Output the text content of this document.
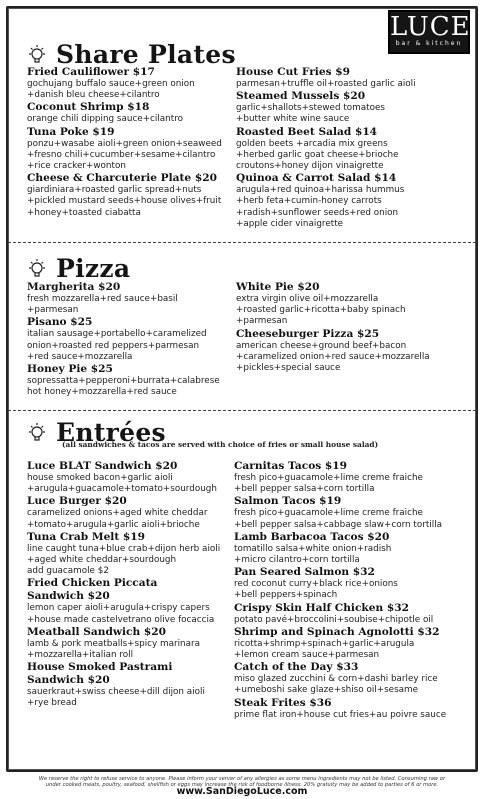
LUCE
bar & kitchen
Share Plates
Fried Cauliflower $17
gochujang buffalo sauce+green onion
+danish bleu cheese+cilantro
Coconut Shrimp $18
orange chili dipping sauce+cilantro
Tuna Poke $19
ponzu+wasabe aioli+green onion+seaweed
+fresno chili+cucumber+sesame+cilantro
+rice cracker+wonton
Cheese & Charcuterie Plate $20
giardiniara+roasted garlic spread+nuts
+pickled mustard seeds+house olives+fruit
+honey+toasted ciabatta
House Cut Fries $9
parmesan+truffle oil+roasted garlic aioli
Steamed Mussels $20
garlic+shallots+stewed tomatoes
+butter white wine sauce
Roasted Beet Salad $14
golden beets +arcadia mix greens
+herbed garlic goat cheese+brioche
croutons+honey dijon vinaigrette
Quinoa & Carrot Salad $14
arugula+red quinoa+harissa hummus
+herb feta+cumin-honey carrots
+radish+sunflower seeds+red onion
+apple cider vinaigrette
Pizza
Margherita $20
fresh mozzarella+red sauce+basil
+parmesan
Pisano $25
italian sausage+portabello+caramelized
onion+roasted red peppers+parmesan
+red sauce+mozzarella
Honey Pie $25
sopressatta+pepperoni+burrata+calabrese
hot honey+mozzarella+red sauce
White Pie $20
extra virgin olive oil+mozzarella
+roasted garlic+ricotta+baby spinach
+parmesan
Cheeseburger Pizza $25
american cheese+ground beef+bacon
+caramelized onion+red sauce+mozzarella
+pickles+special sauce
Entrées
(all sandwiches & tacos are served with choice of fries or small house salad)
Luce BLAT Sandwich $20
house smoked bacon+garlic aioli
+arugula+guacamole+tomato+sourdough
Luce Burger $20
caramelized onions+aged white cheddar
+tomato+arugula+garlic aioli+brioche
Tuna Crab Melt $19
line caught tuna+blue crab+dijon herb aioli
+aged white cheddar+sourdough
add guacamole $2
Fried Chicken Piccata
Sandwich $20
lemon caper aioli+arugula+crispy capers
+house made castelvetrano olive focaccia
Meatball Sandwich $20
lamb & pork meatballs+spicy marinara
+mozzarella+italian roll
House Smoked Pastrami
Sandwich $20
sauerkraut+swiss cheese+dill dijon aioli
+rye bread
Carnitas Tacos $19
fresh pico+guacamole+lime creme fraiche
+bell pepper salsa+corn tortilla
Salmon Tacos $19
fresh pico+guacamole+lime creme fraiche
+bell pepper salsa+cabbage slaw+corn tortilla
Lamb Barbacoa Tacos $20
tomatillo salsa+white onion+radish
+micro cilantro+corn tortilla
Pan Seared Salmon $32
red coconut curry+black rice+onions
+bell peppers+spinach
Crispy Skin Half Chicken $32
potato pavé+broccolini+soubise+chipotle oil
Shrimp and Spinach Agnolotti $32
ricotta+shrimp+spinach+garlic+arugula
+lemon cream sauce+parmesan
Catch of the Day $33
miso glazed zucchini & corn+dashi barley rice
+umeboshi sake glaze+shiso oil+sesame
Steak Frites $36
prime flat iron+house cut fries+au poivre sauce
We reserve the right to refuse service to anyone. Please inform your server of any allergies as some menu ingredients may not be listed. Consuming raw or
under cooked meats, poultry, seafood, shellfish or eggs may increase the risk of foodborne illness. 20% gratuity may be added to parties of 6 or more.
www.SanDiegoLuce.com
